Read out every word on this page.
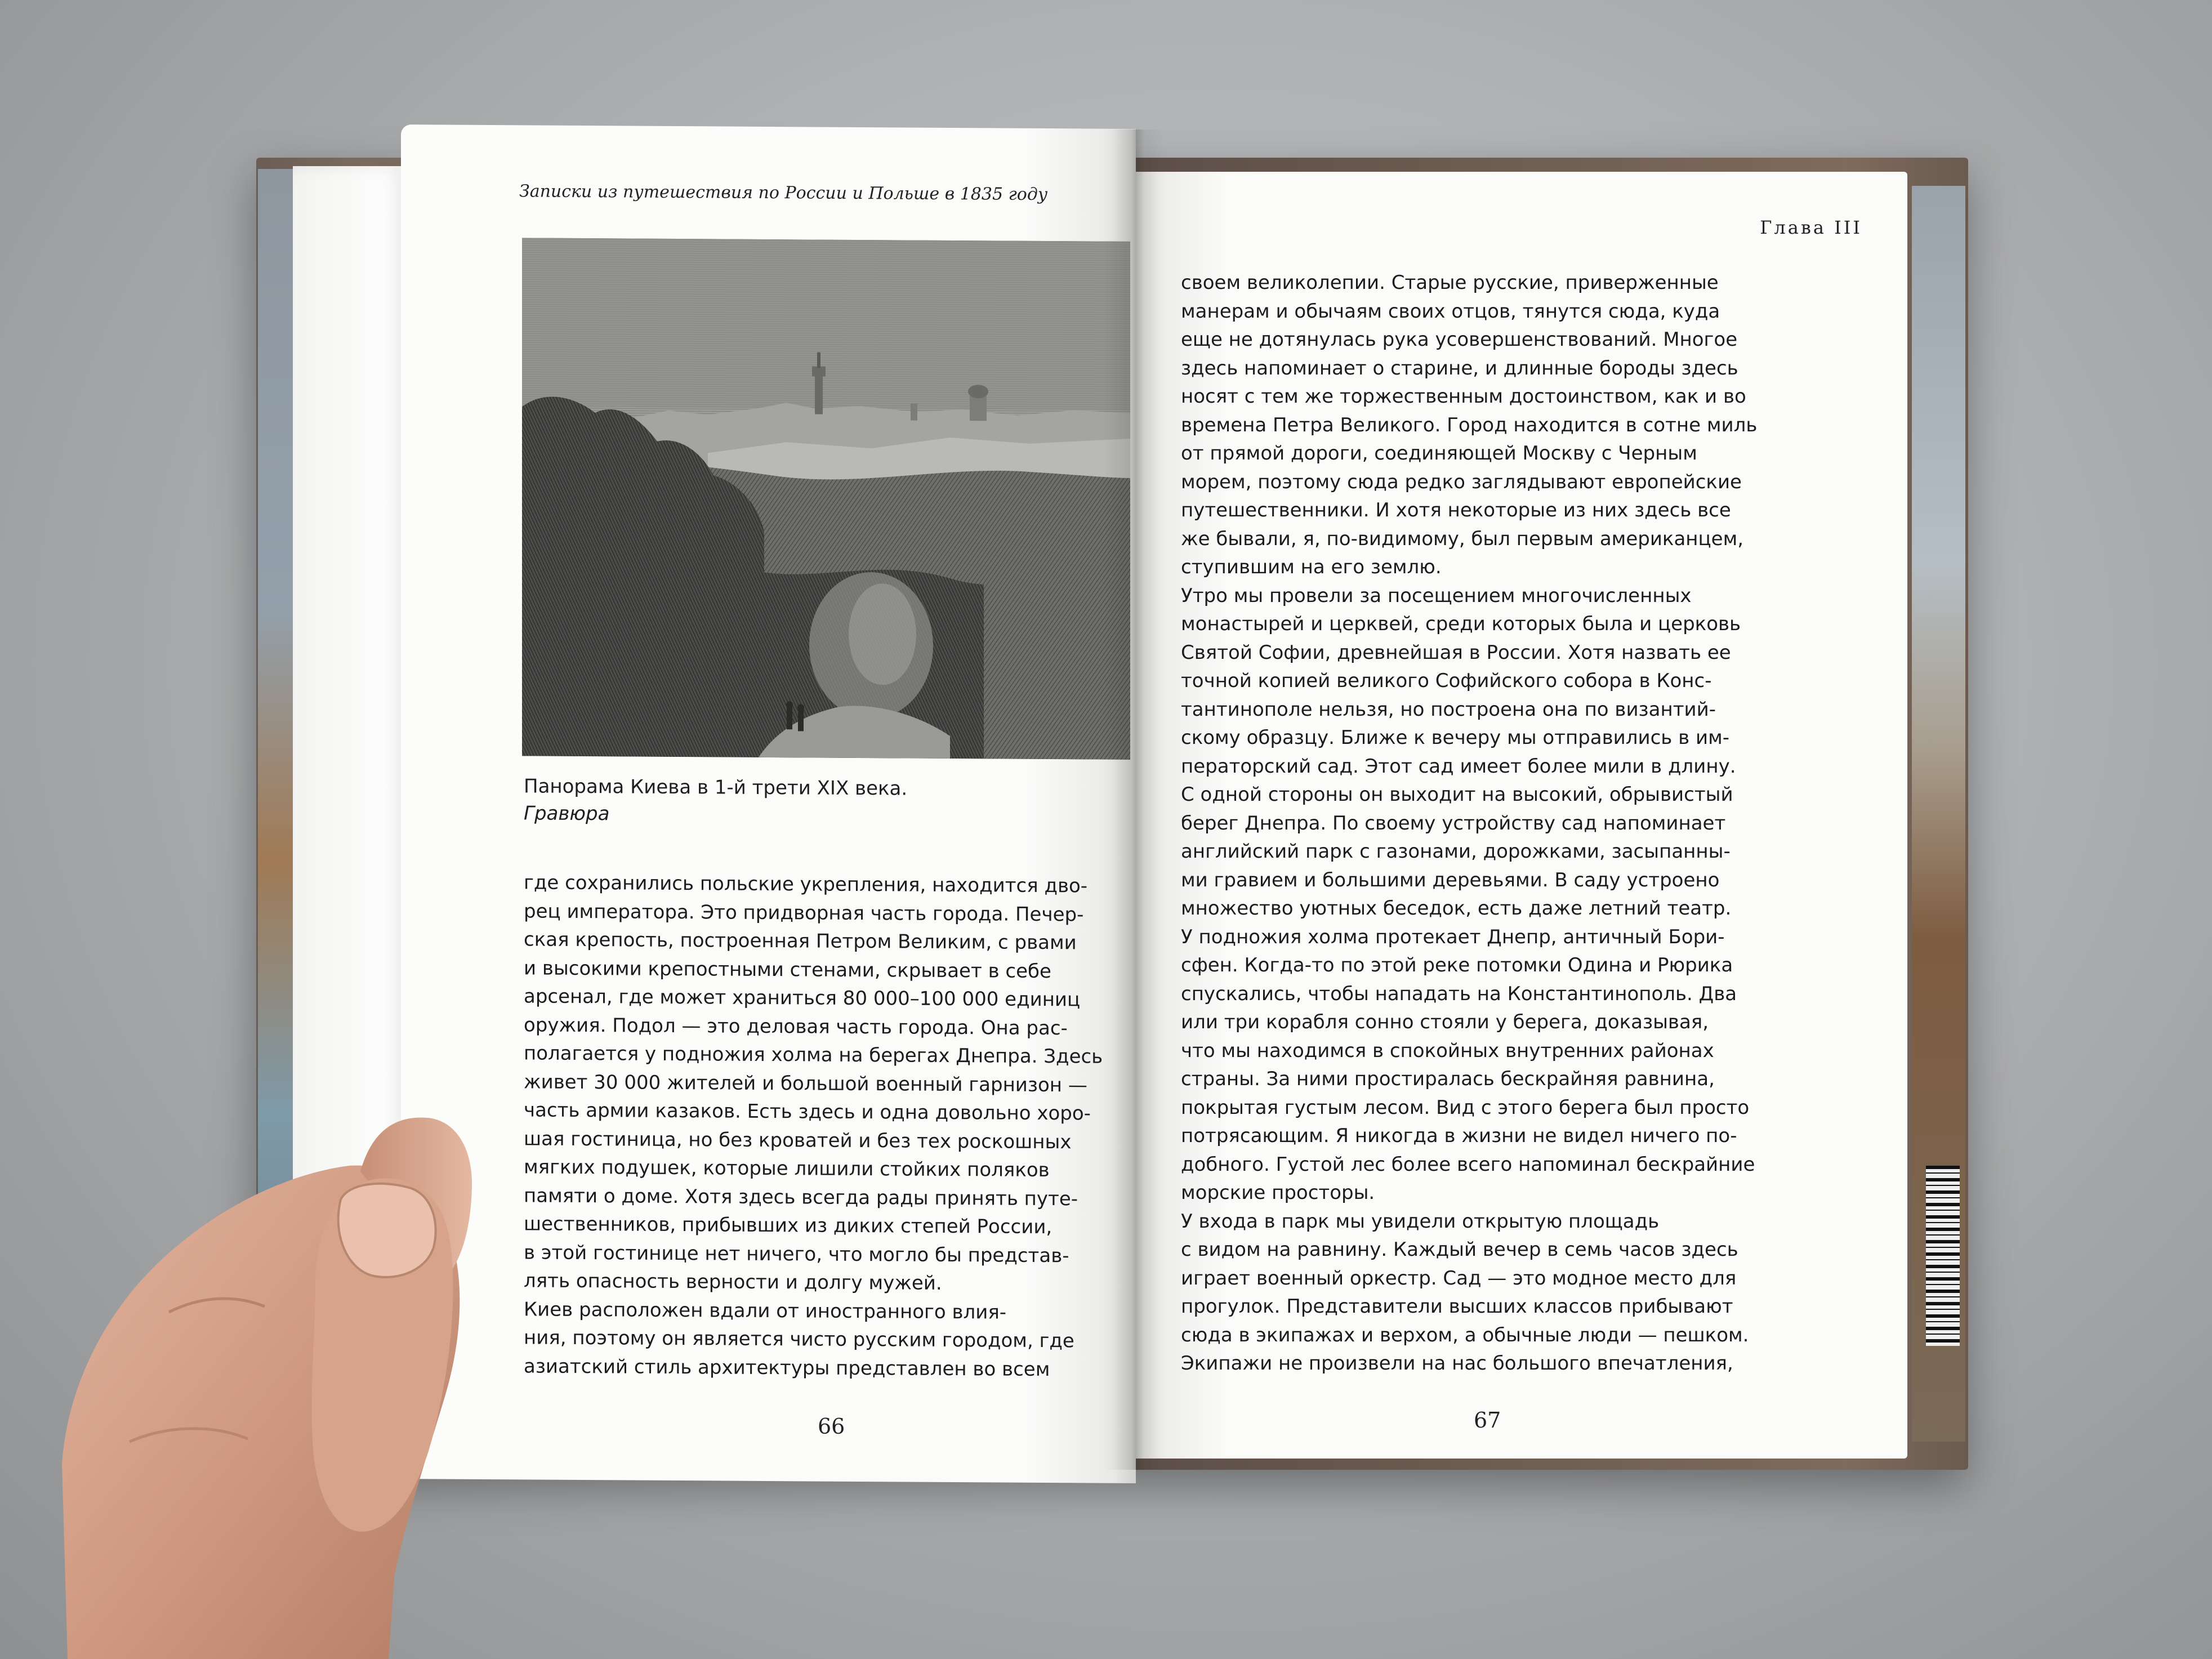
Записки из путешествия по России и Польше в 1835 году
Панорама Киева в 1-й трети XIX века.
Гравюра
где сохранились польские укрепления, находится дво-
рец императора. Это придворная часть города. Печер-
ская крепость, построенная Петром Великим, с рвами
и высокими крепостными стенами, скрывает в себе
арсенал, где может храниться 80 000–100 000 единиц
оружия. Подол — это деловая часть города. Она рас-
полагается у подножия холма на берегах Днепра. Здесь
живет 30 000 жителей и большой военный гарнизон —
часть армии казаков. Есть здесь и одна довольно хоро-
шая гостиница, но без кроватей и без тех роскошных
мягких подушек, которые лишили стойких поляков
памяти о доме. Хотя здесь всегда рады принять путе-
шественников, прибывших из диких степей России,
в этой гостинице нет ничего, что могло бы представ-
лять опасность верности и долгу мужей.
Киев расположен вдали от иностранного влия-
ния, поэтому он является чисто русским городом, где
азиатский стиль архитектуры представлен во всем
66
Глава III
своем великолепии. Старые русские, приверженные
манерам и обычаям своих отцов, тянутся сюда, куда
еще не дотянулась рука усовершенствований. Многое
здесь напоминает о старине, и длинные бороды здесь
носят с тем же торжественным достоинством, как и во
времена Петра Великого. Город находится в сотне миль
от прямой дороги, соединяющей Москву с Черным
морем, поэтому сюда редко заглядывают европейские
путешественники. И хотя некоторые из них здесь все
же бывали, я, по-видимому, был первым американцем,
ступившим на его землю.
Утро мы провели за посещением многочисленных
монастырей и церквей, среди которых была и церковь
Святой Софии, древнейшая в России. Хотя назвать ее
точной копией великого Софийского собора в Конс-
тантинополе нельзя, но построена она по византий-
скому образцу. Ближе к вечеру мы отправились в им-
ператорский сад. Этот сад имеет более мили в длину.
С одной стороны он выходит на высокий, обрывистый
берег Днепра. По своему устройству сад напоминает
английский парк с газонами, дорожками, засыпанны-
ми гравием и большими деревьями. В саду устроено
множество уютных беседок, есть даже летний театр.
У подножия холма протекает Днепр, античный Бори-
сфен. Когда-то по этой реке потомки Одина и Рюрика
спускались, чтобы нападать на Константинополь. Два
или три корабля сонно стояли у берега, доказывая,
что мы находимся в спокойных внутренних районах
страны. За ними простиралась бескрайняя равнина,
покрытая густым лесом. Вид с этого берега был просто
потрясающим. Я никогда в жизни не видел ничего по-
добного. Густой лес более всего напоминал бескрайние
морские просторы.
У входа в парк мы увидели открытую площадь
с видом на равнину. Каждый вечер в семь часов здесь
играет военный оркестр. Сад — это модное место для
прогулок. Представители высших классов прибывают
сюда в экипажах и верхом, а обычные люди — пешком.
Экипажи не произвели на нас большого впечатления,
67
